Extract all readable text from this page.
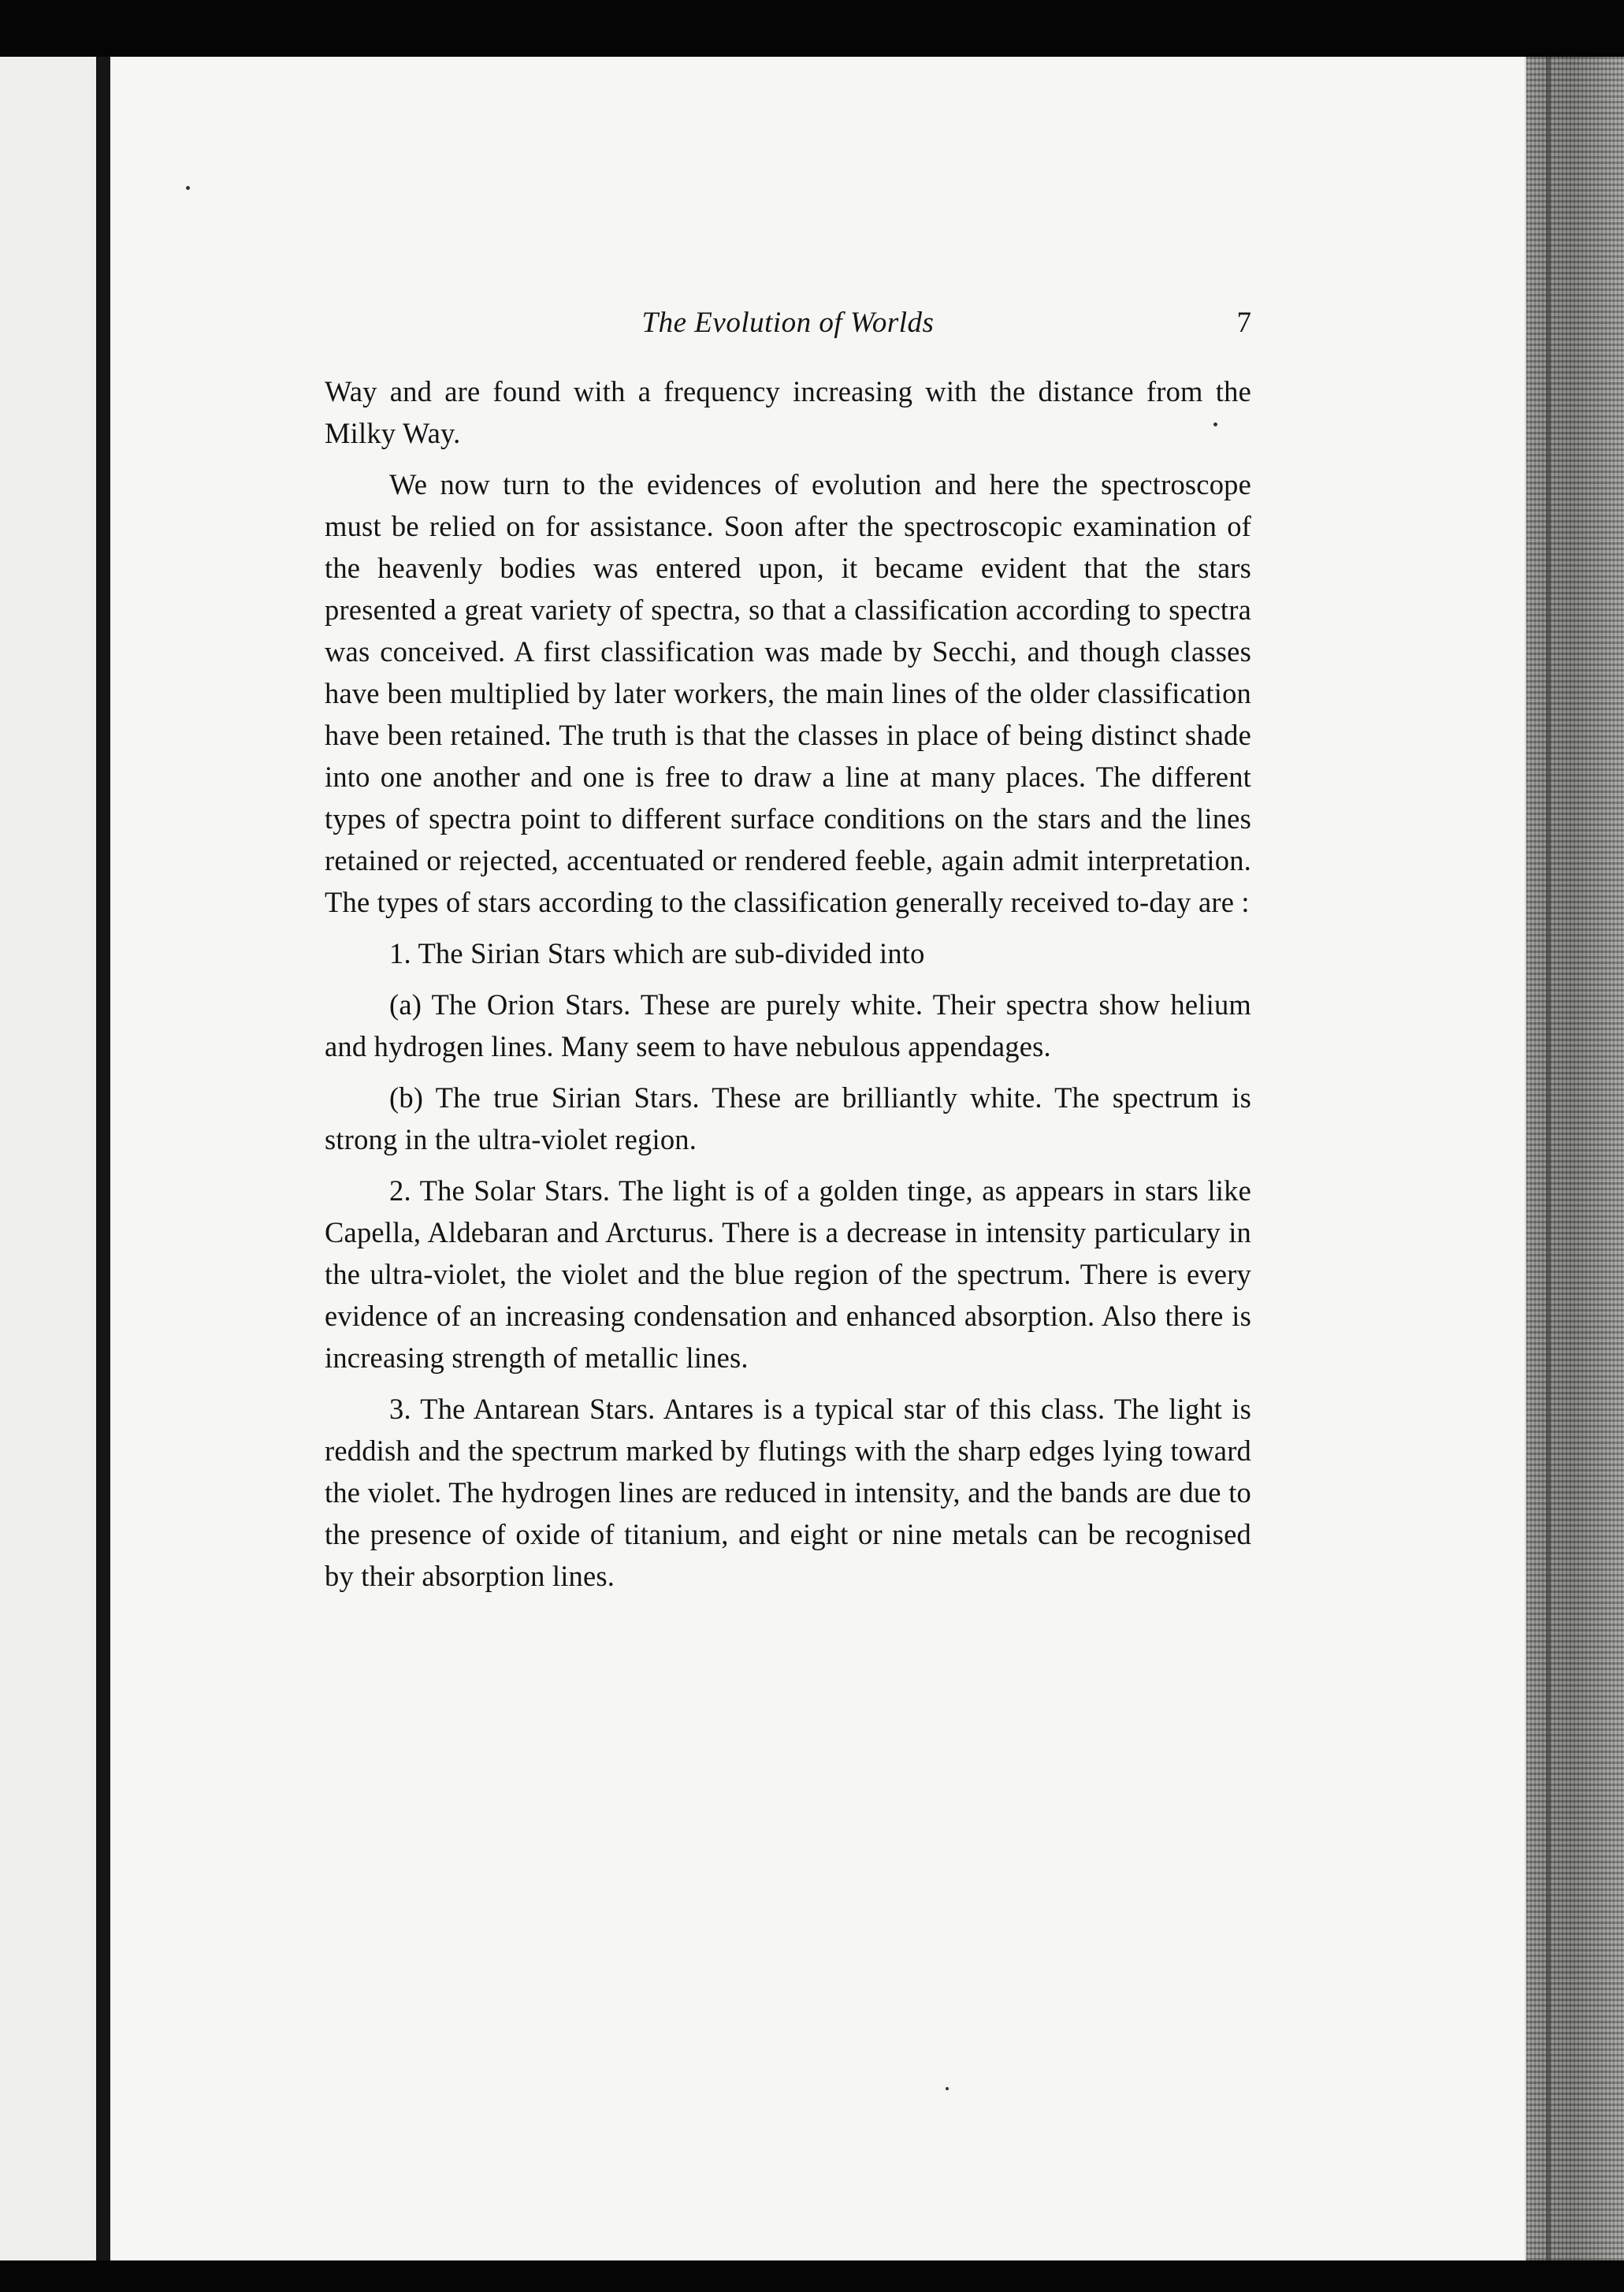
The Evolution of Worlds	7

Way and are found with a frequency increasing with the distance from the Milky Way.

We now turn to the evidences of evolution and here the spectroscope must be relied on for assistance. Soon after the spectroscopic examination of the heavenly bodies was entered upon, it became evident that the stars presented a great variety of spectra, so that a classification according to spectra was conceived. A first classification was made by Secchi, and though classes have been multiplied by later workers, the main lines of the older classification have been retained. The truth is that the classes in place of being distinct shade into one another and one is free to draw a line at many places. The different types of spectra point to different surface conditions on the stars and the lines retained or rejected, accentuated or rendered feeble, again admit interpretation. The types of stars according to the classification generally received to-day are :

1. The Sirian Stars which are sub-divided into

(a) The Orion Stars. These are purely white. Their spectra show helium and hydrogen lines. Many seem to have nebulous appendages.

(b) The true Sirian Stars. These are brilliantly white. The spectrum is strong in the ultra-violet region.

2. The Solar Stars. The light is of a golden tinge, as appears in stars like Capella, Aldebaran and Arcturus. There is a decrease in intensity particulary in the ultra-violet, the violet and the blue region of the spectrum. There is every evidence of an increasing condensation and enhanced absorption. Also there is increasing strength of metallic lines.

3. The Antarean Stars. Antares is a typical star of this class. The light is reddish and the spectrum marked by flutings with the sharp edges lying toward the violet. The hydrogen lines are reduced in intensity, and the bands are due to the presence of oxide of titanium, and eight or nine metals can be recognised by their absorption lines.
